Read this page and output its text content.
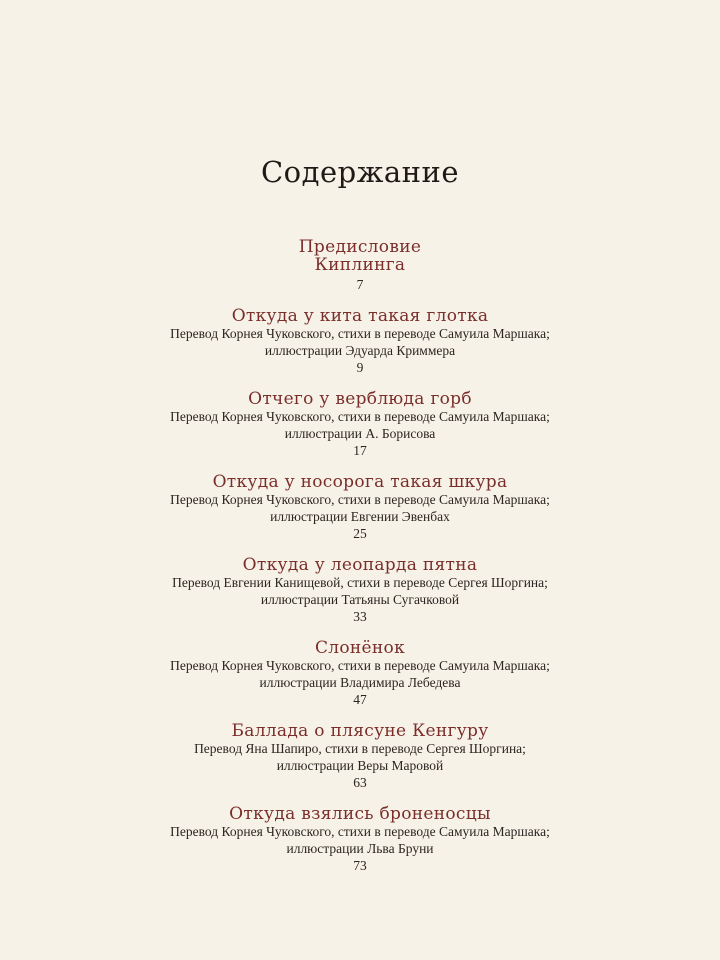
Содержание
Предисловие
Киплинга
7
Откуда у кита такая глотка
Перевод Корнея Чуковского, стихи в переводе Самуила Маршака;
иллюстрации Эдуарда Криммера
9
Отчего у верблюда горб
Перевод Корнея Чуковского, стихи в переводе Самуила Маршака;
иллюстрации А. Борисова
17
Откуда у носорога такая шкура
Перевод Корнея Чуковского, стихи в переводе Самуила Маршака;
иллюстрации Евгении Эвенбах
25
Откуда у леопарда пятна
Перевод Евгении Канищевой, стихи в переводе Сергея Шоргина;
иллюстрации Татьяны Сугачковой
33
Слонёнок
Перевод Корнея Чуковского, стихи в переводе Самуила Маршака;
иллюстрации Владимира Лебедева
47
Баллада о плясуне Кенгуру
Перевод Яна Шапиро, стихи в переводе Сергея Шоргина;
иллюстрации Веры Маровой
63
Откуда взялись броненосцы
Перевод Корнея Чуковского, стихи в переводе Самуила Маршака;
иллюстрации Льва Бруни
73
